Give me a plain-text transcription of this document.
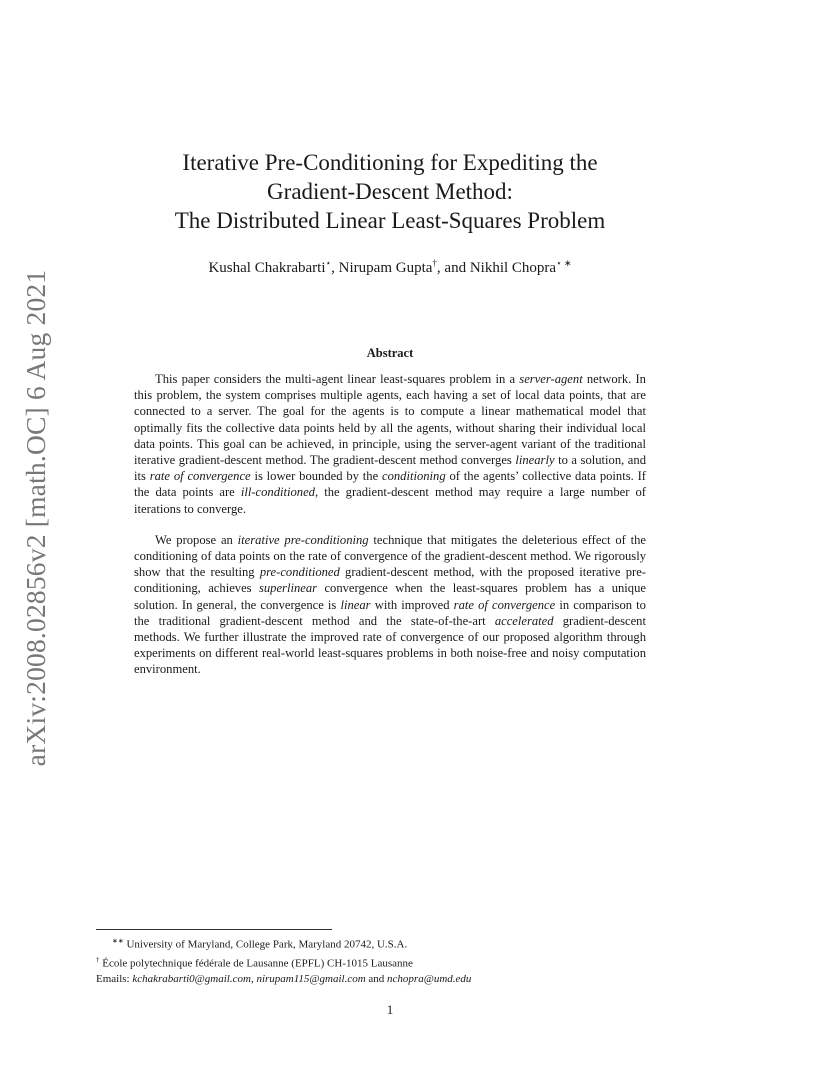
arXiv:2008.02856v2 [math.OC] 6 Aug 2021
Iterative Pre-Conditioning for Expediting the
Gradient-Descent Method:
The Distributed Linear Least-Squares Problem
Kushal Chakrabarti⋆, Nirupam Gupta†, and Nikhil Chopra⋆ ∗
Abstract

This paper considers the multi-agent linear least-squares problem in a server-agent network. In this problem, the system comprises multiple agents, each having a set of local data points, that are connected to a server. The goal for the agents is to compute a linear mathematical model that optimally fits the collective data points held by all the agents, without sharing their individual local data points. This goal can be achieved, in principle, using the server-agent variant of the traditional iterative gradient-descent method. The gradient-descent method converges linearly to a solution, and its rate of convergence is lower bounded by the conditioning of the agents’ collective data points. If the data points are ill-conditioned, the gradient-descent method may require a large number of iterations to converge.

We propose an iterative pre-conditioning technique that mitigates the deleterious effect of the conditioning of data points on the rate of convergence of the gradient-descent method. We rigorously show that the resulting pre-conditioned gradient-descent method, with the proposed iterative pre-conditioning, achieves superlinear convergence when the least-squares problem has a unique solution. In general, the convergence is linear with improved rate of convergence in comparison to the traditional gradient-descent method and the state-of-the-art accelerated gradient-descent methods. We further illustrate the improved rate of convergence of our proposed algorithm through experiments on different real-world least-squares problems in both noise-free and noisy computation environment.

∗∗ University of Maryland, College Park, Maryland 20742, U.S.A.
† École polytechnique fédérale de Lausanne (EPFL) CH-1015 Lausanne
Emails: kchakrabarti0@gmail.com, nirupam115@gmail.com and nchopra@umd.edu
1
